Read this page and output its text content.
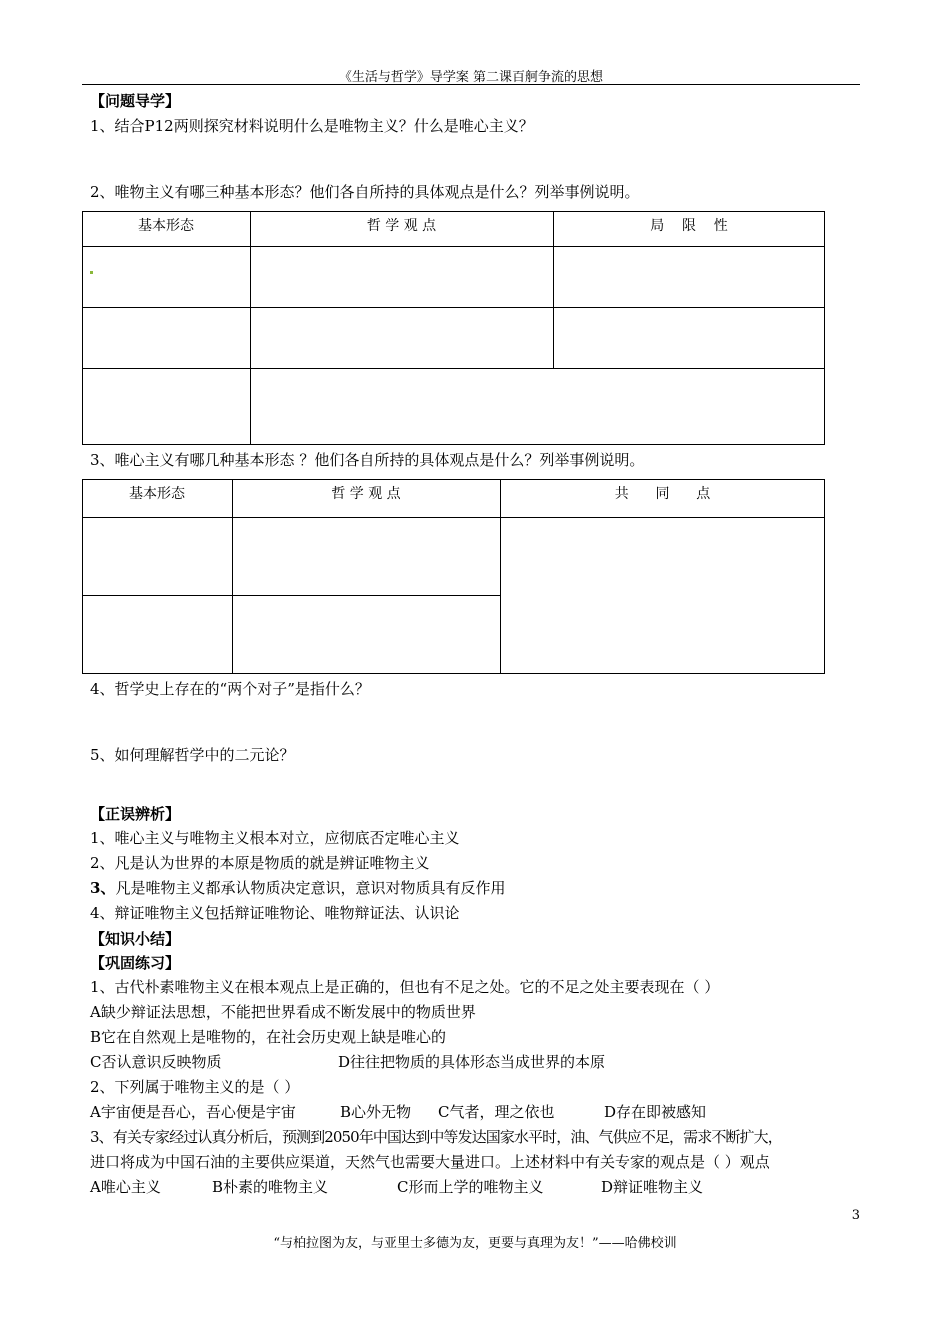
《生活与哲学》导学案 第二课百舸争流的思想
【问题导学】
1、结合P12两则探究材料说明什么是唯物主义？什么是唯心主义？
2、唯物主义有哪三种基本形态？他们各自所持的具体观点是什么？列举事例说明。
基本形态	哲 学 观 点	局    限    性
3、唯心主义有哪几种基本形态 ？他们各自所持的具体观点是什么？列举事例说明。
基本形态	哲 学 观 点	共      同      点
4、哲学史上存在的“两个对子”是指什么？
5、如何理解哲学中的二元论？
【正误辨析】
1、唯心主义与唯物主义根本对立，应彻底否定唯心主义
2、凡是认为世界的本原是物质的就是辨证唯物主义
3、凡是唯物主义都承认物质决定意识，意识对物质具有反作用
4、辩证唯物主义包括辩证唯物论、唯物辩证法、认识论
【知识小结】
【巩固练习】
1、古代朴素唯物主义在根本观点上是正确的，但也有不足之处。它的不足之处主要表现在（ ）
A缺少辩证法思想，不能把世界看成不断发展中的物质世界
B它在自然观上是唯物的，在社会历史观上缺是唯心的
C否认意识反映物质	D往往把物质的具体形态当成世界的本原
2、下列属于唯物主义的是（ ）
A宇宙便是吾心，吾心便是宇宙	B心外无物 C气者，理之依也	D存在即被感知
3、有关专家经过认真分析后，预测到2050年中国达到中等发达国家水平时，油、气供应不足，需求不断扩大，
进口将成为中国石油的主要供应渠道，天然气也需要大量进口。上述材料中有关专家的观点是（ ）观点
A唯心主义	B朴素的唯物主义	C形而上学的唯物主义	D辩证唯物主义
3
“与柏拉图为友，与亚里士多德为友，更要与真理为友！”——哈佛校训
